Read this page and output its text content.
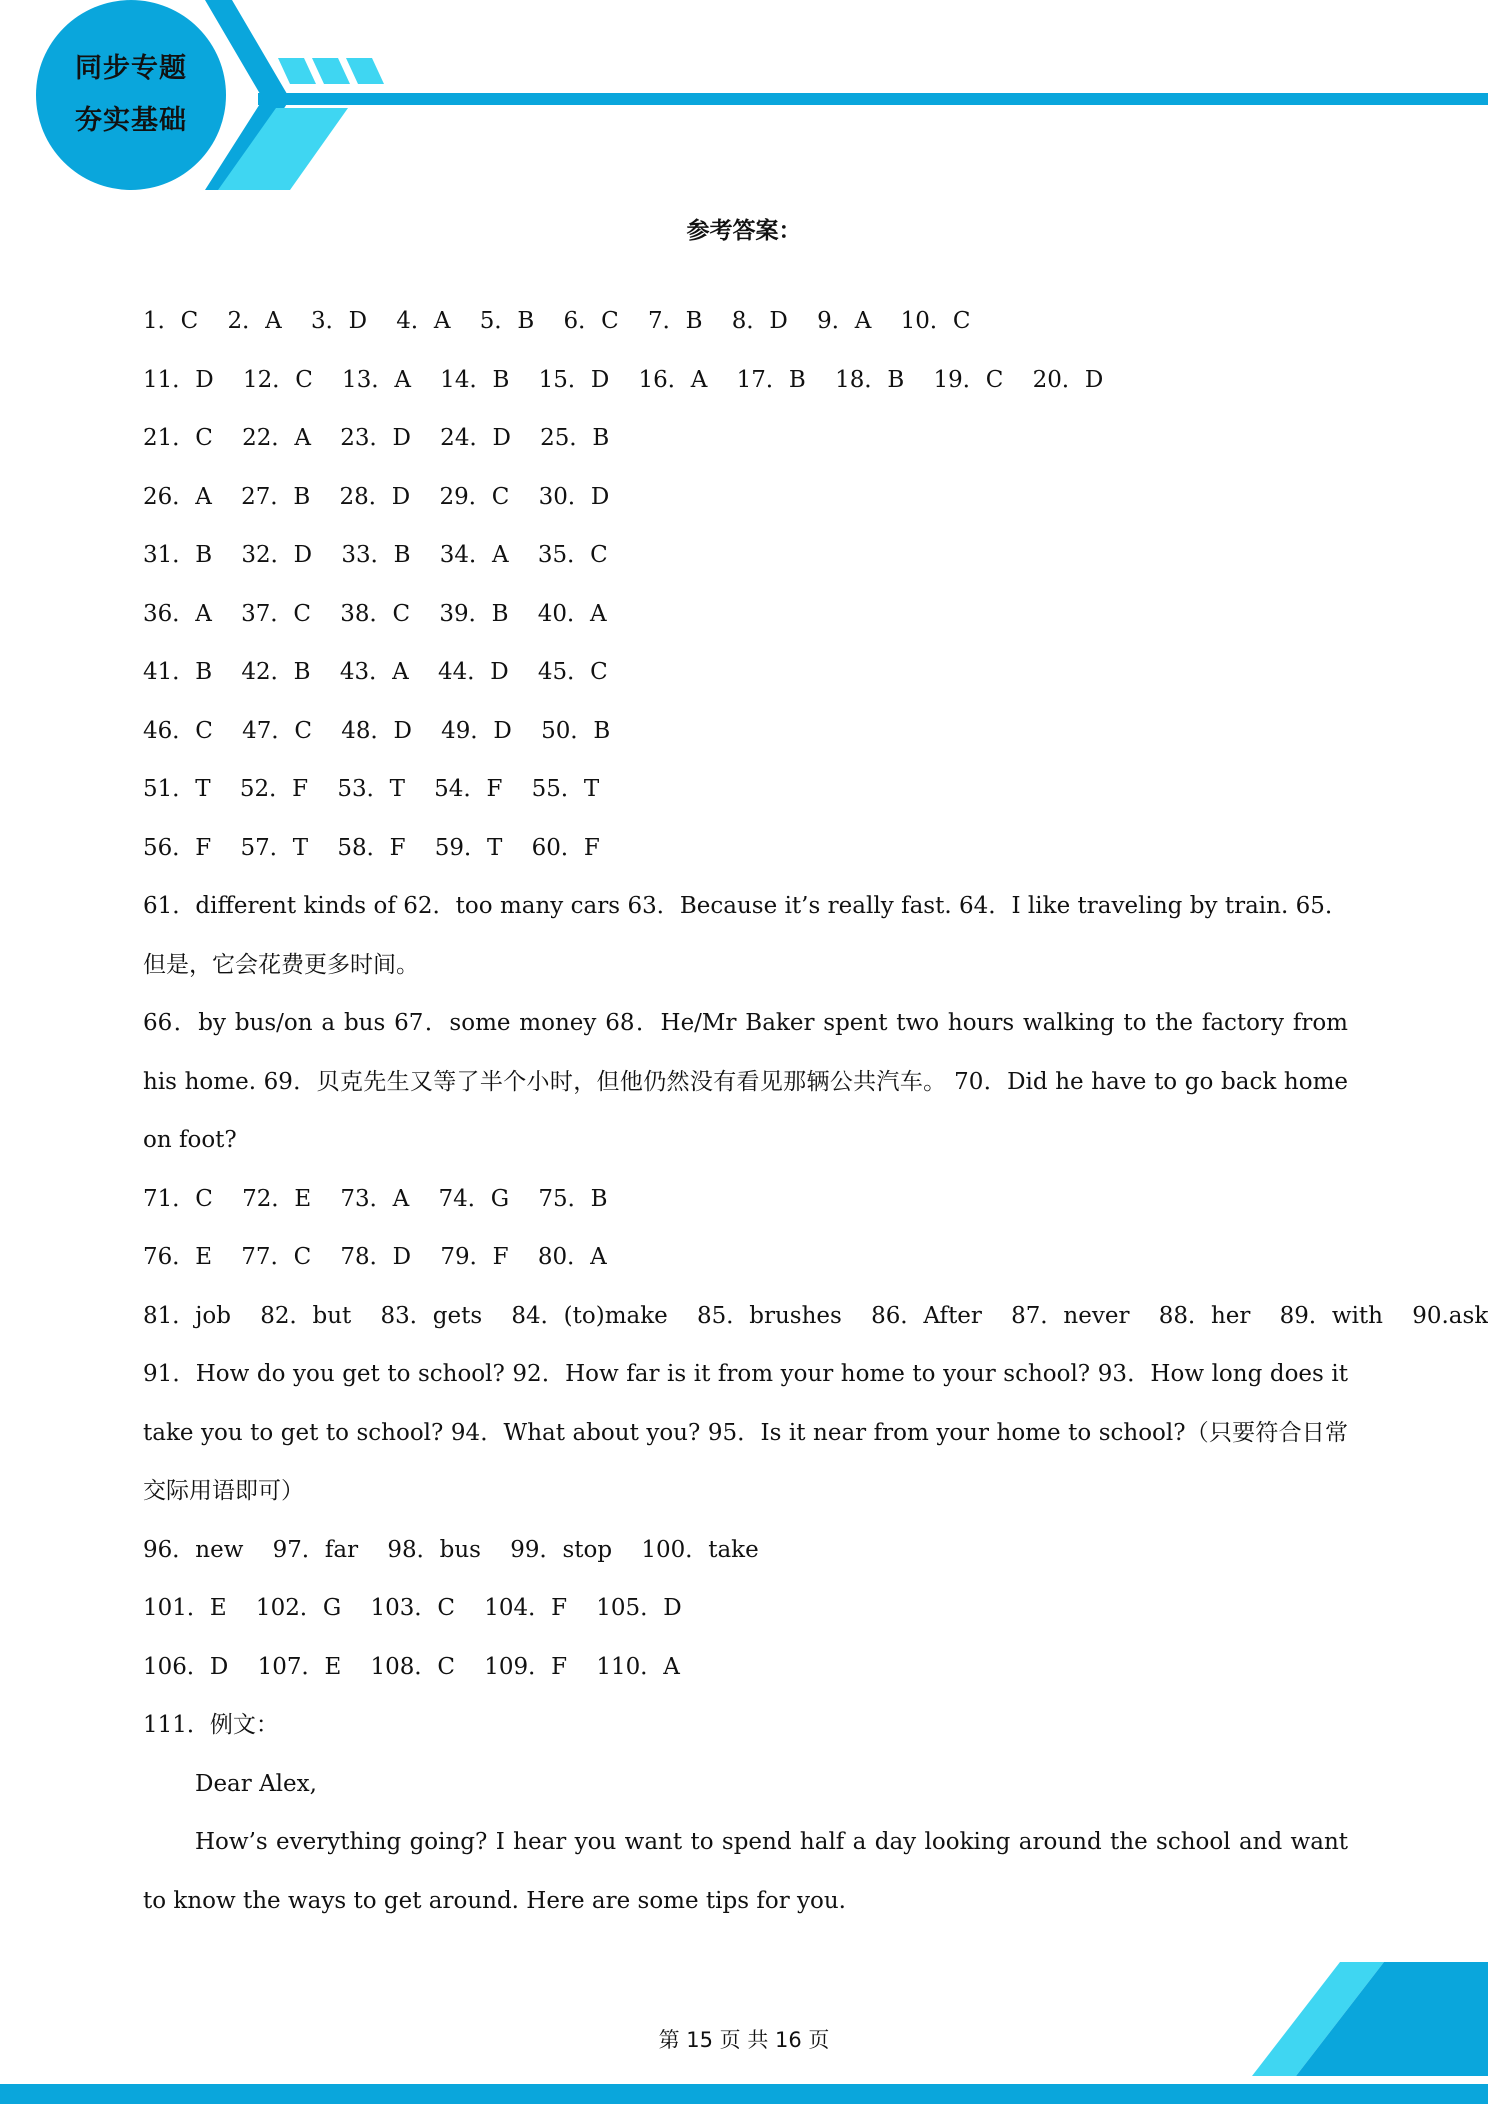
同步专题
夯实基础
参考答案：
1．C    2．A    3．D    4．A    5．B    6．C    7．B    8．D    9．A    10．C
11．D    12．C    13．A    14．B    15．D    16．A    17．B    18．B    19．C    20．D
21．C    22．A    23．D    24．D    25．B
26．A    27．B    28．D    29．C    30．D
31．B    32．D    33．B    34．A    35．C
36．A    37．C    38．C    39．B    40．A
41．B    42．B    43．A    44．D    45．C
46．C    47．C    48．D    49．D    50．B
51．T    52．F    53．T    54．F    55．T
56．F    57．T    58．F    59．T    60．F
61．different kinds of 62．too many cars 63．Because it’s really fast. 64．I like traveling by train. 65．但是，它会花费更多时间。
66．by bus/on a bus 67．some money 68．He/Mr Baker spent two hours walking to the factory from his home. 69．贝克先生又等了半个小时，但他仍然没有看见那辆公共汽车。 70．Did he have to go back home on foot?
71．C    72．E    73．A    74．G    75．B
76．E    77．C    78．D    79．F    80．A
81．job    82．but    83．gets    84．(to)make    85．brushes    86．After    87．never    88．her    89．with    90.ask
91．How do you get to school? 92．How far is it from your home to your school? 93．How long does it take you to get to school? 94．What about you? 95．Is it near from your home to school?（只要符合日常交际用语即可）
96．new    97．far    98．bus    99．stop    100．take
101．E    102．G    103．C    104．F    105．D
106．D    107．E    108．C    109．F    110．A
111．例文：
Dear Alex,
How’s everything going? I hear you want to spend half a day looking around the school and want to know the ways to get around. Here are some tips for you.
第 15 页 共 16 页
